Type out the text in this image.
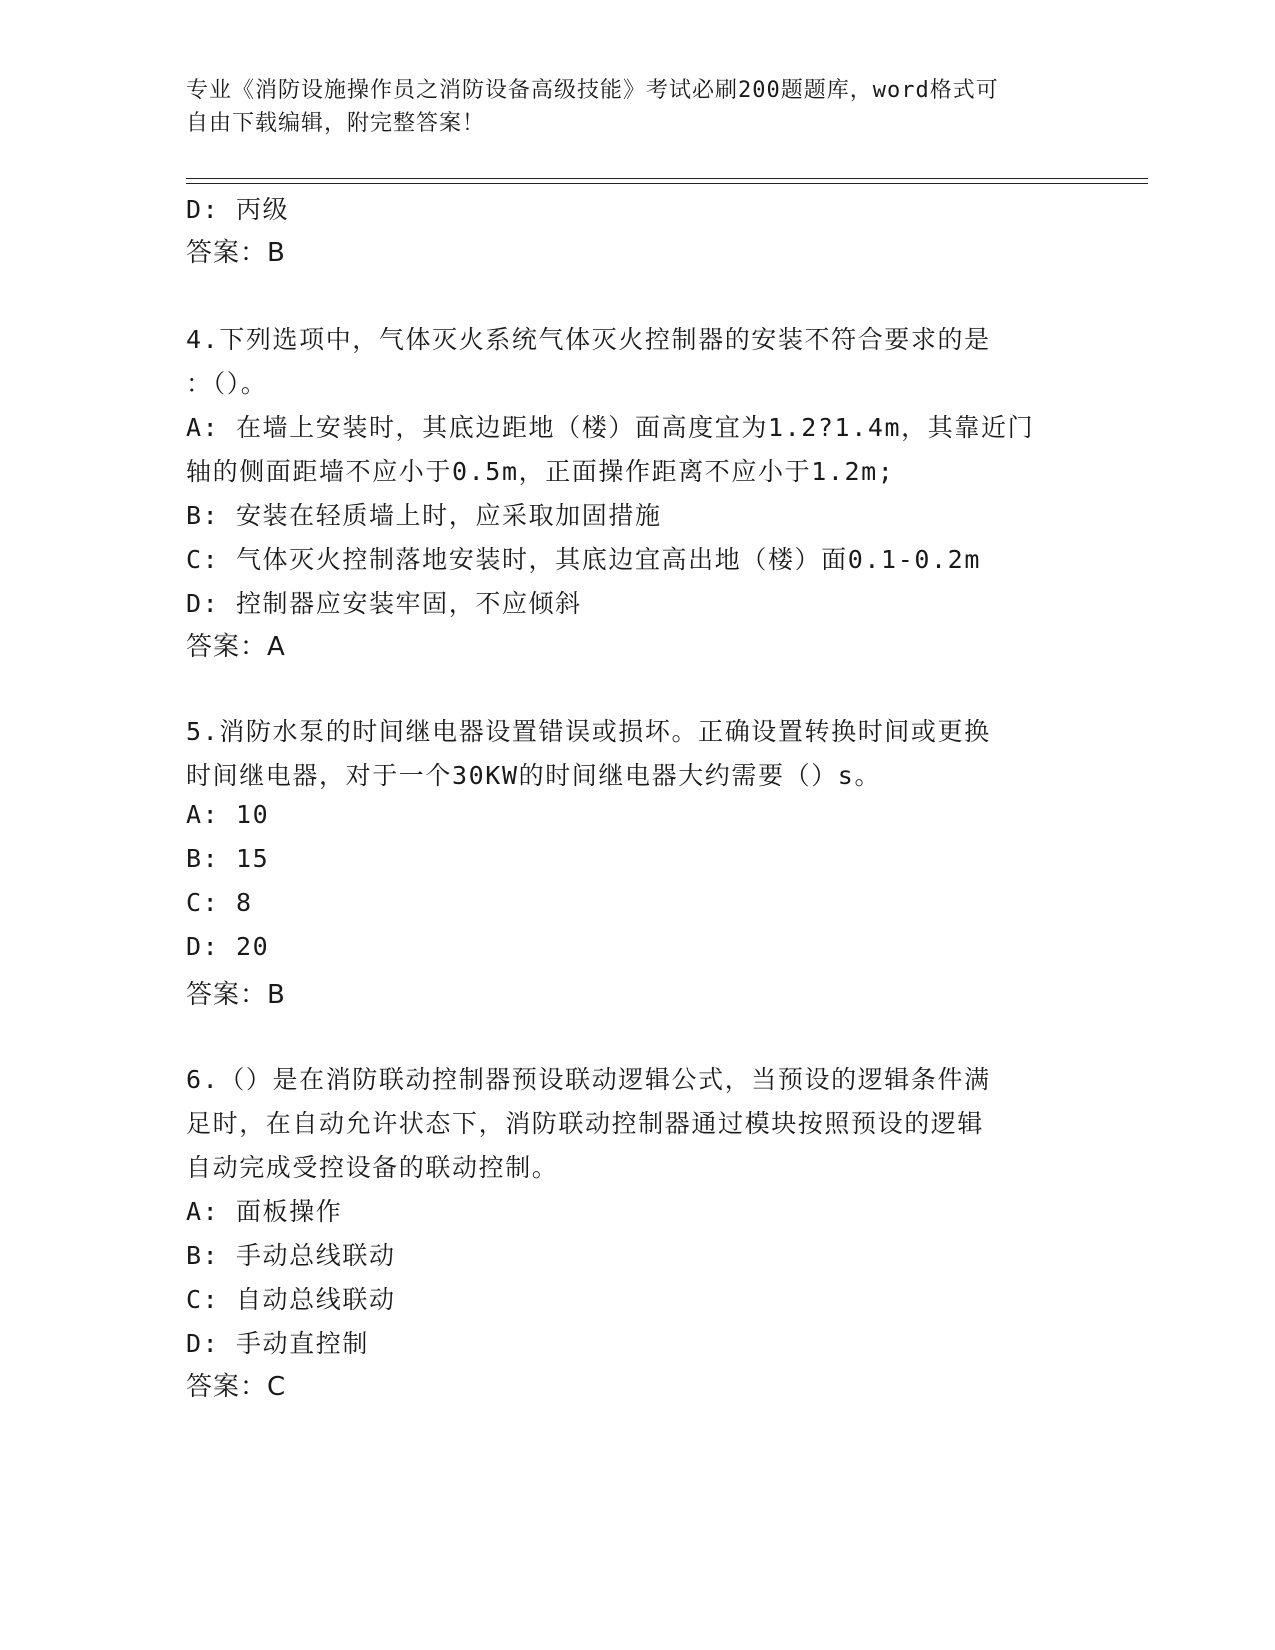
专业《消防设施操作员之消防设备高级技能》考试必刷200题题库，word格式可
自由下载编辑，附完整答案！
D: 丙级
答案：B
4.下列选项中，气体灭火系统气体灭火控制器的安装不符合要求的是
：（）。
A: 在墙上安装时，其底边距地（楼）面高度宜为1.2?1.4m，其靠近门
轴的侧面距墙不应小于0.5m，正面操作距离不应小于1.2m;
B: 安装在轻质墙上时，应采取加固措施
C: 气体灭火控制落地安装时，其底边宜高出地（楼）面0.1-0.2m
D: 控制器应安装牢固，不应倾斜
答案：A
5.消防水泵的时间继电器设置错误或损坏。正确设置转换时间或更换
时间继电器，对于一个30KW的时间继电器大约需要（）s。
A: 10
B: 15
C: 8
D: 20
答案：B
6.（）是在消防联动控制器预设联动逻辑公式，当预设的逻辑条件满
足时，在自动允许状态下，消防联动控制器通过模块按照预设的逻辑
自动完成受控设备的联动控制。
A: 面板操作
B: 手动总线联动
C: 自动总线联动
D: 手动直控制
答案：C
